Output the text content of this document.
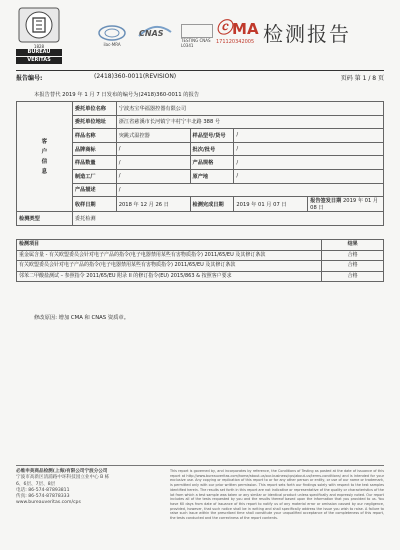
1828
BUREAU
VERITAS
ilac-MRA
CNAS
TESTING CNAS L0341
ⓒ MA
171120342005 检测报告
报告编号:	(2418)360-0011(REVISION)	页码 第 1 / 8 页
本报告替代 2019 年 1 月 7 日发布的编号为(2418)360-0011 的报告
客
户
信
息	委托单位名称	宁波杰宝华福器控器有限公司			
	委托单位地址	浙江省慈溪市长河镇宁丰村宁丰北路 388 号			
	样品名称	突跳式温控器	样品型号/货号	/	
	品牌商标	/	批次/批号	/	
	样品数量	/	产品规格	/	
	制造工厂	/	原产地	/	
	产品描述	/			
	收样日期	2018 年 12 月 26 日	检测完成日期	2019 年 01 月 07 日	报告签发日期 2019 年 01 月 08 日
检测类型	委托检测				
检测项目	结果
重金属含量 - 有关欧盟委员会针对电子产品的指令(电子电器禁用某些有害物质指令) 2011/65/EU 及其修订条款	合格
有关欧盟委员会针对电子产品的指令(电子电器禁用某些有害物质指令) 2011/65/EU 及其修订条款	合格
邻苯二甲酸盐测试 – 参照指令 2011/65/EU 附录 II 的修订指令(EU) 2015/863 & 按照客户要求	合格
修改原因: 增加 CMA 和 CNAS 资质章。
必维申美商品检测(上海)有限公司宁波分公司
宁波市高新区清浦路中环科技园立业中心 B 栋
6、6层、7层、8层
电话: 86-574-87893811
传真: 86-574-87878333
www.bureauveritas.com/cps
This report is governed by, and incorporates by reference, the Conditions of Testing as posted at the date of issuance of this report at http://www.bureauveritas.com/home/about-us/our-business/cps/about-us/terms-conditions/ and is intended for your exclusive use. Any copying or replication of this report to or for any other person or entity, or use of our name or trademark, is permitted only with our prior written permission. This report sets forth our findings solely with respect to the test samples identified herein. The results set forth in this report are not indicative or representative of the quality or characteristics of the lot from which a test sample was taken or any similar or identical product unless specifically and expressly noted. Our report includes all of the tests requested by you and the results thereof based upon the information that you provided to us. You have 60 days from date of issuance of this report to notify us of any material error or omission caused by our negligence, provided, however, that such notice shall be in writing and shall specifically address the issue you wish to raise. A failure to raise such issue within the prescribed time shall constitute your unqualified acceptance of the completeness of this report, the tests conducted and the correctness of the report contents.
